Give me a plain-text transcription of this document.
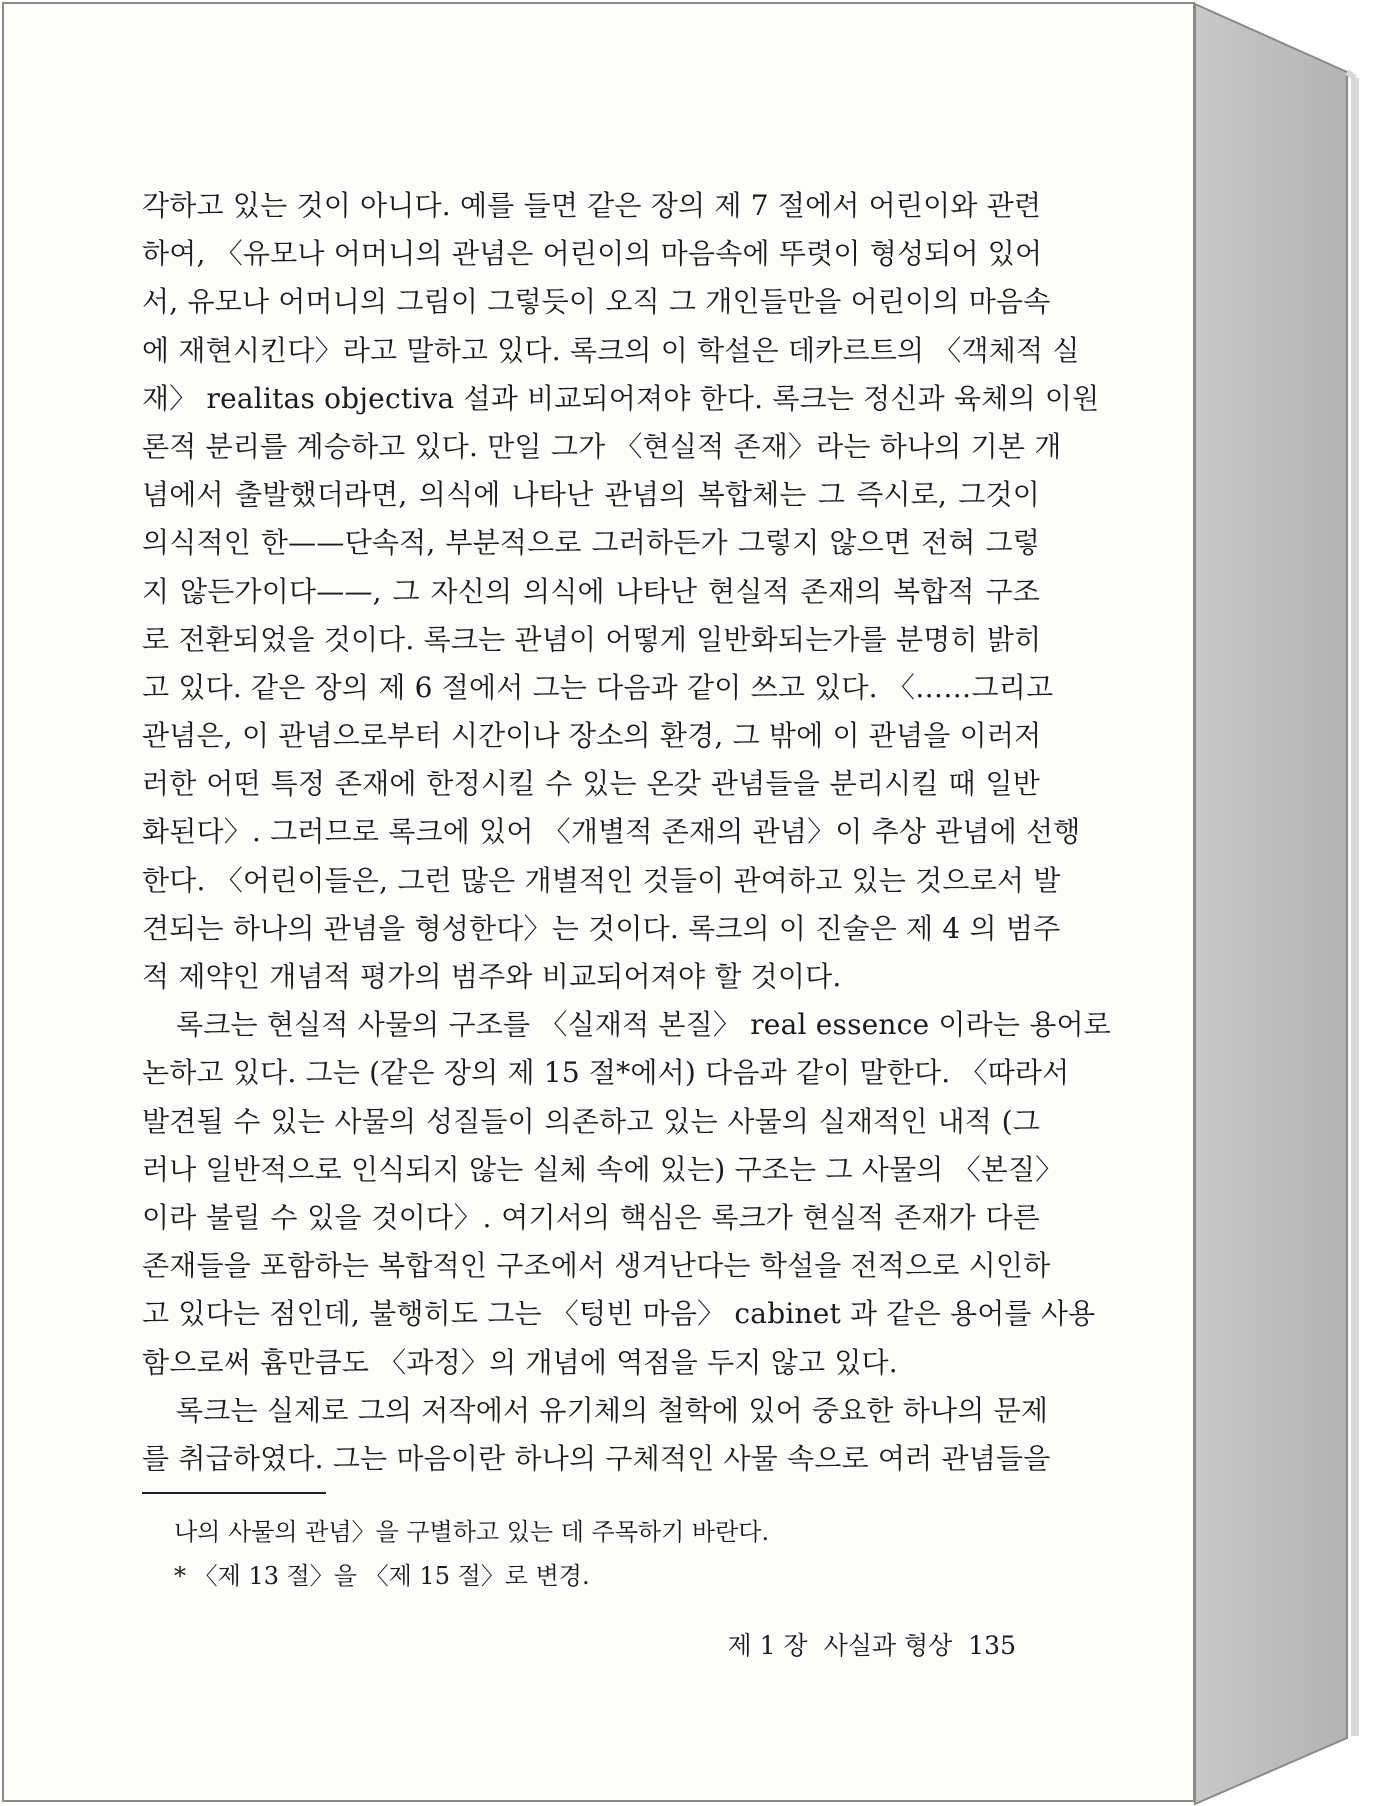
각하고 있는 것이 아니다. 예를 들면 같은 장의 제 7 절에서 어린이와 관련
하여, 〈유모나 어머니의 관념은 어린이의 마음속에 뚜렷이 형성되어 있어
서, 유모나 어머니의 그림이 그렇듯이 오직 그 개인들만을 어린이의 마음속
에 재현시킨다〉라고 말하고 있다. 록크의 이 학설은 데카르트의 〈객체적 실
재〉 realitas objectiva 설과 비교되어져야 한다. 록크는 정신과 육체의 이원
론적 분리를 계승하고 있다. 만일 그가 〈현실적 존재〉라는 하나의 기본 개
념에서 출발했더라면, 의식에 나타난 관념의 복합체는 그 즉시로, 그것이
의식적인 한——단속적, 부분적으로 그러하든가 그렇지 않으면 전혀 그렇
지 않든가이다——, 그 자신의 의식에 나타난 현실적 존재의 복합적 구조
로 전환되었을 것이다. 록크는 관념이 어떻게 일반화되는가를 분명히 밝히
고 있다. 같은 장의 제 6 절에서 그는 다음과 같이 쓰고 있다. 〈……그리고
관념은, 이 관념으로부터 시간이나 장소의 환경, 그 밖에 이 관념을 이러저
러한 어떤 특정 존재에 한정시킬 수 있는 온갖 관념들을 분리시킬 때 일반
화된다〉. 그러므로 록크에 있어 〈개별적 존재의 관념〉이 추상 관념에 선행
한다. 〈어린이들은, 그런 많은 개별적인 것들이 관여하고 있는 것으로서 발
견되는 하나의 관념을 형성한다〉는 것이다. 록크의 이 진술은 제 4 의 범주
적 제약인 개념적 평가의 범주와 비교되어져야 할 것이다.
록크는 현실적 사물의 구조를 〈실재적 본질〉 real essence 이라는 용어로
논하고 있다. 그는 (같은 장의 제 15 절*에서) 다음과 같이 말한다. 〈따라서
발견될 수 있는 사물의 성질들이 의존하고 있는 사물의 실재적인 내적 (그
러나 일반적으로 인식되지 않는 실체 속에 있는) 구조는 그 사물의 〈본질〉
이라 불릴 수 있을 것이다〉. 여기서의 핵심은 록크가 현실적 존재가 다른
존재들을 포함하는 복합적인 구조에서 생겨난다는 학설을 전적으로 시인하
고 있다는 점인데, 불행히도 그는 〈텅빈 마음〉 cabinet 과 같은 용어를 사용
함으로써 흄만큼도 〈과정〉의 개념에 역점을 두지 않고 있다.
록크는 실제로 그의 저작에서 유기체의 철학에 있어 중요한 하나의 문제
를 취급하였다. 그는 마음이란 하나의 구체적인 사물 속으로 여러 관념들을
나의 사물의 관념〉을 구별하고 있는 데 주목하기 바란다.
* 〈제 13 절〉을 〈제 15 절〉로 변경.
제 1 장 사실과 형상 135
